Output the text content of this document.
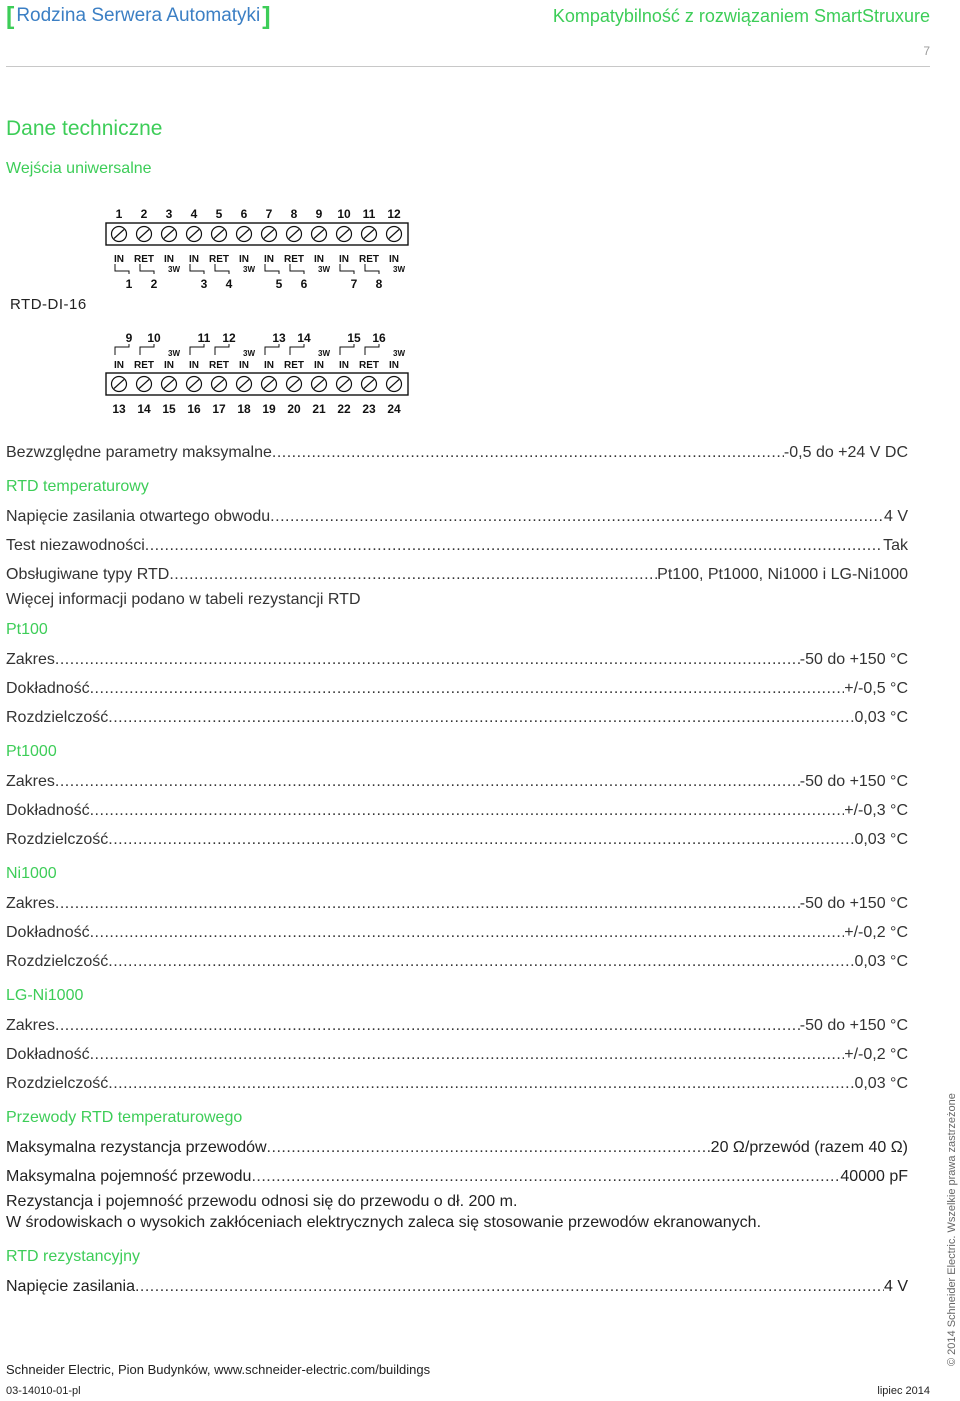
[ Rodzina Serwera Automatyki ]	Kompatybilność z rozwiązaniem SmartStruxure
7
Dane techniczne
Wejścia uniwersalne
RTD-DI-16
1 2 3 4 5 6 7 8 9 10 11 12
IN RET IN IN RET IN IN RET IN IN RET IN
3W	3W	3W	3W
1 2	3 4	5 6	7 8
9 10	11 12	13 14	15 16
3W	3W	3W	3W
IN RET IN IN RET IN IN RET IN IN RET IN
13 14 15 16 17 18 19 20 21 22 23 24
Bezwzględne parametry maksymalne .....	-0,5 do +24 V DC
RTD temperaturowy
Napięcie zasilania otwartego obwodu .....	4 V
Test niezawodności .....	Tak
Obsługiwane typy RTD .....	Pt100, Pt1000, Ni1000 i LG-Ni1000
Więcej informacji podano w tabeli rezystancji RTD
Pt100
Zakres .....	-50 do +150 °C
Dokładność .....	+/-0,5 °C
Rozdzielczość .....	0,03 °C
Pt1000
Zakres .....	-50 do +150 °C
Dokładność .....	+/-0,3 °C
Rozdzielczość .....	0,03 °C
Ni1000
Zakres .....	-50 do +150 °C
Dokładność .....	+/-0,2 °C
Rozdzielczość .....	0,03 °C
LG-Ni1000
Zakres .....	-50 do +150 °C
Dokładność .....	+/-0,2 °C
Rozdzielczość .....	0,03 °C
Przewody RTD temperaturowego
Maksymalna rezystancja przewodów .....	20 Ω/przewód (razem 40 Ω)
Maksymalna pojemność przewodu .....	40000 pF
Rezystancja i pojemność przewodu odnosi się do przewodu o dł. 200 m.
W środowiskach o wysokich zakłóceniach elektrycznych zaleca się stosowanie przewodów ekranowanych.
RTD rezystancyjny
Napięcie zasilania .....	4 V
Schneider Electric, Pion Budynków, www.schneider-electric.com/buildings
03-14010-01-pl	lipiec 2014
© 2014 Schneider Electric. Wszelkie prawa zastrzeżone
